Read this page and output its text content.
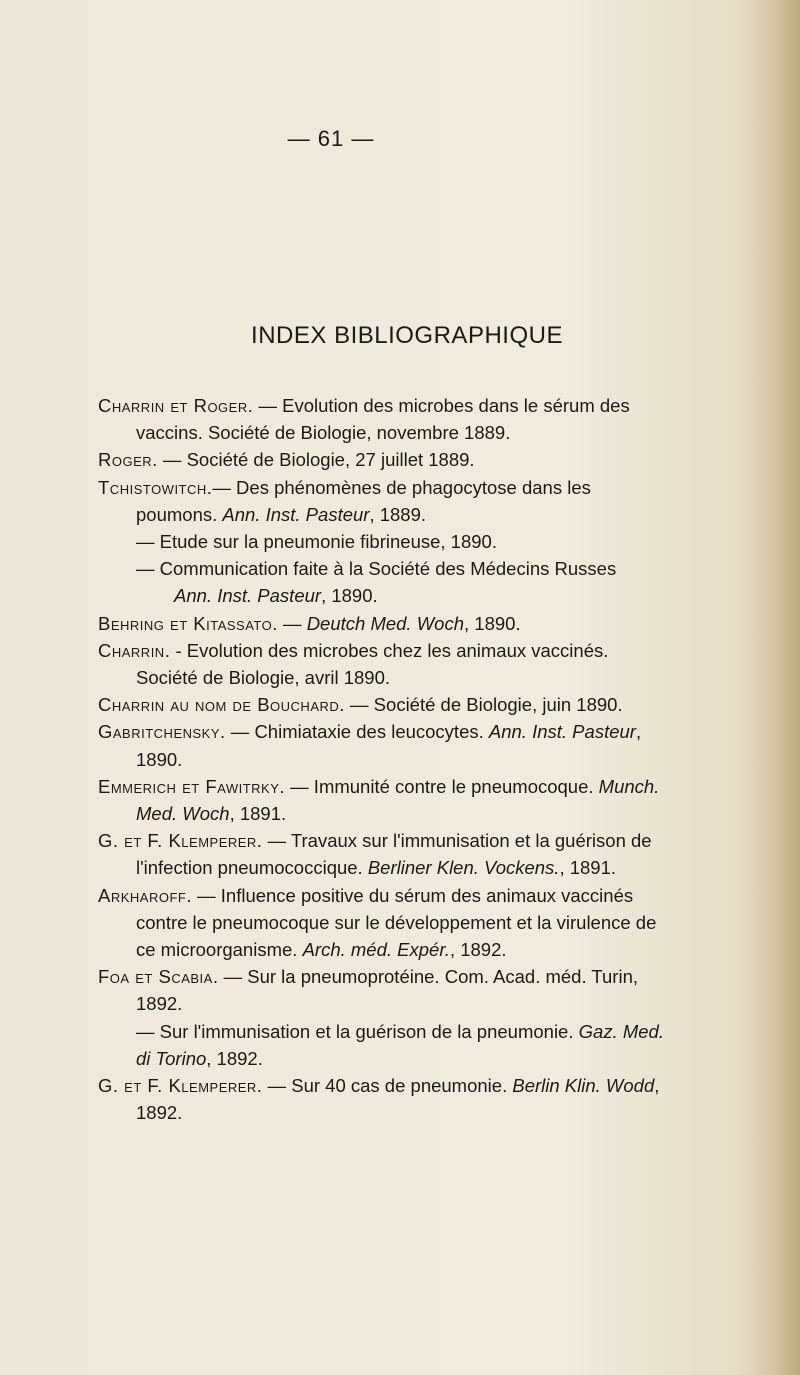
— 61 —
INDEX BIBLIOGRAPHIQUE

Charrin et Roger. — Evolution des microbes dans le sérum des vaccins. Société de Biologie, novembre 1889.

Roger. — Société de Biologie, 27 juillet 1889.

Tchistowitch.— Des phénomènes de phagocytose dans les poumons. Ann. Inst. Pasteur, 1889.

— Etude sur la pneumonie fibrineuse, 1890.

— Communication faite à la Société des Médecins Russes
Ann. Inst. Pasteur, 1890.

Behring et Kitassato. — Deutch Med. Woch, 1890.

Charrin. - Evolution des microbes chez les animaux vaccinés. Société de Biologie, avril 1890.

Charrin au nom de Bouchard. — Société de Biologie, juin 1890.

Gabritchensky. — Chimiataxie des leucocytes. Ann. Inst. Pasteur, 1890.

Emmerich et Fawitrky. — Immunité contre le pneumocoque. Munch. Med. Woch, 1891.

G. et F. Klemperer. — Travaux sur l'immunisation et la guérison de l'infection pneumococcique. Berliner Klen. Vockens., 1891.

Arkharoff. — Influence positive du sérum des animaux vaccinés contre le pneumocoque sur le développement et la virulence de ce microorganisme. Arch. méd. Expér., 1892.

Foa et Scabia. — Sur la pneumoprotéine. Com. Acad. méd. Turin, 1892.

— Sur l'immunisation et la guérison de la pneumonie. Gaz. Med. di Torino, 1892.

G. et F. Klemperer. — Sur 40 cas de pneumonie. Berlin Klin. Wodd, 1892.
